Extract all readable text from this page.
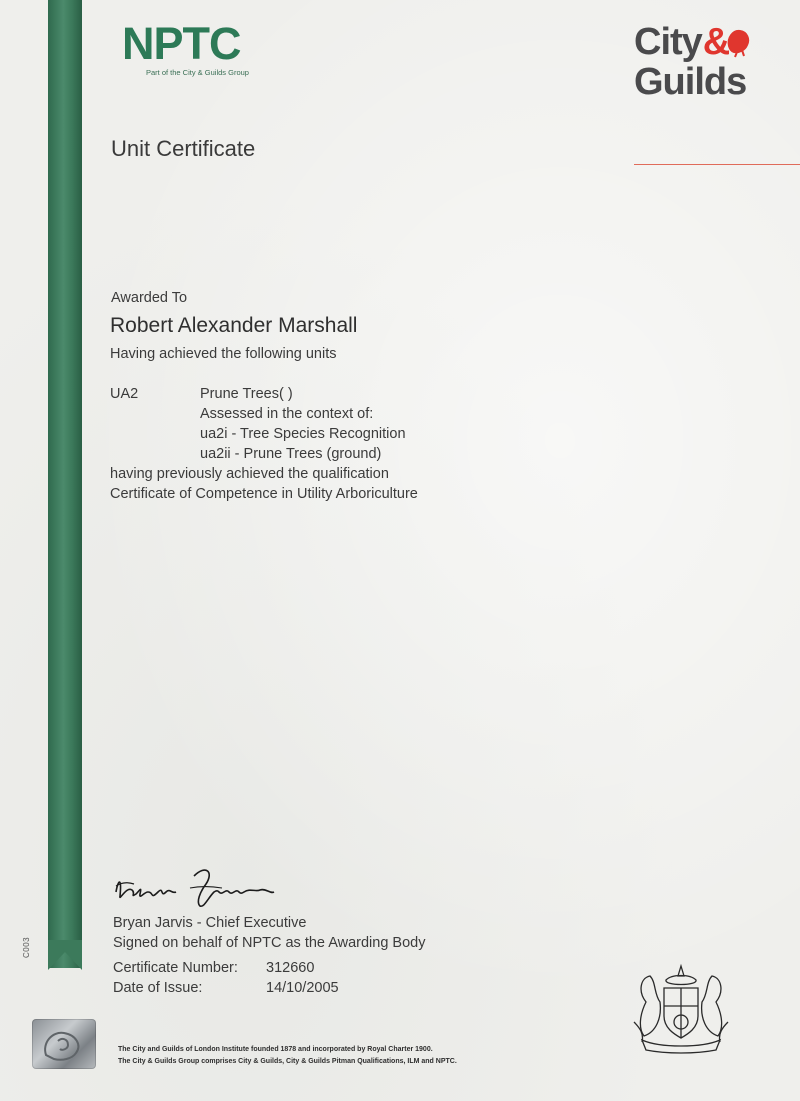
C003
NPTC
Part of the City & Guilds Group
City &
Guilds
Unit Certificate
Awarded To
Robert Alexander Marshall
Having achieved the following units
UA2	Prune Trees( )
Assessed in the context of:
ua2i - Tree Species Recognition
ua2ii - Prune Trees (ground)
having previously achieved the qualification
Certificate of Competence in Utility Arboriculture
Bryan Jarvis - Chief Executive
Signed on behalf of NPTC as the Awarding Body
Certificate Number: 312660
Date of Issue:	14/10/2005
The City and Guilds of London Institute founded 1878 and incorporated by Royal Charter 1900.
The City & Guilds Group comprises City & Guilds, City & Guilds Pitman Qualifications, ILM and NPTC.
